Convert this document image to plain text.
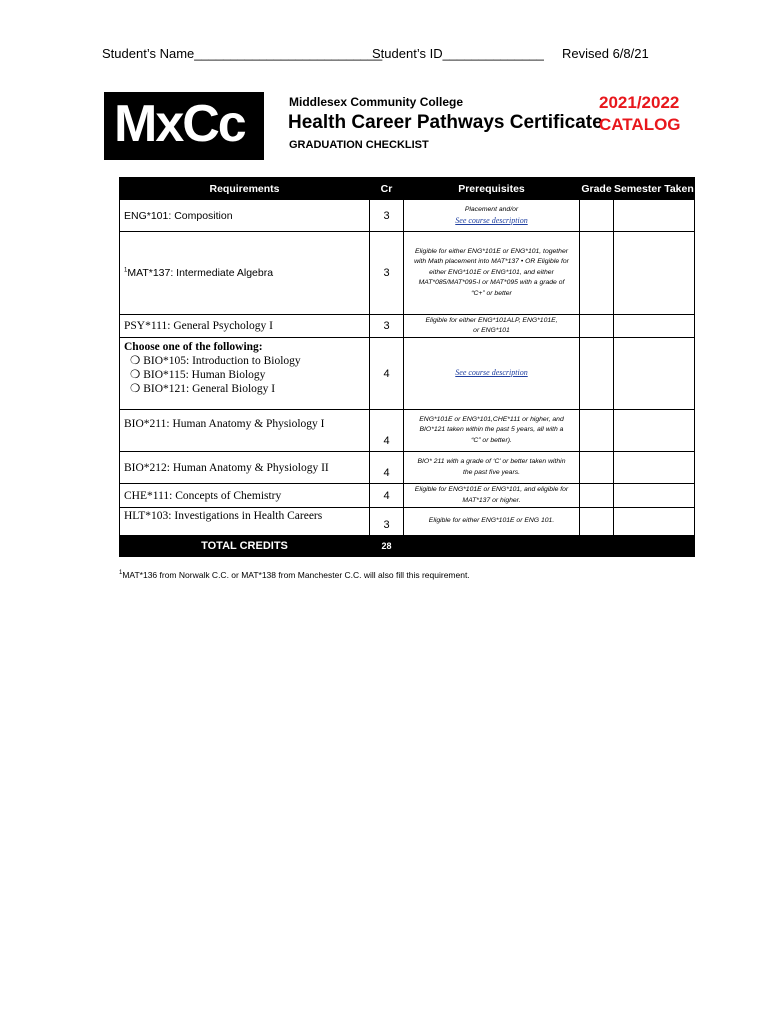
Student’s Name__________________________
Student’s ID______________ Revised 6/8/21
MxCc
MIDDLESEX COMMUNITY COLLEGE
Middlesex Community College
Health Career Pathways Certificate
GRADUATION CHECKLIST
2021/2022
CATALOG
Requirements	Cr	Prerequisites	Grade	Semester Taken
ENG*101: Composition	3	Placement and/or
See course description		

$^1$MAT*137: Intermediate Algebra	3	Eligible for either ENG*101E or ENG*101, together with Math placement into MAT*137 • OR Eligible for either ENG*101E or ENG*101, and either MAT*085/MAT*095-I or MAT*095 with a grade of “C+” or better		
PSY*111: General Psychology I	3	Eligible for either ENG*101ALP, ENG*101E, or ENG*101		

Choose one of the following:
❍ BIO*105: Introduction to Biology
❍ BIO*115: Human Biology
❍ BIO*121: General Biology I	4	See course description		
BIO*211: Human Anatomy & Physiology I	4	ENG*101E or ENG*101,CHE*111 or higher, and BIO*121 taken within the past 5 years, all with a “C” or better).		
BIO*212: Human Anatomy & Physiology II	4	BIO* 211 with a grade of ‘C’ or better taken within the past five years.		
CHE*111: Concepts of Chemistry	4	Eligible for ENG*101E or ENG*101, and eligible for MAT*137 or higher.		
HLT*103: Investigations in Health Careers	3	Eligible for either ENG*101E or ENG 101.		
TOTAL CREDITS	28			
$^1$MAT*136 from Norwalk C.C. or MAT*138 from Manchester C.C. will also fill this requirement.
